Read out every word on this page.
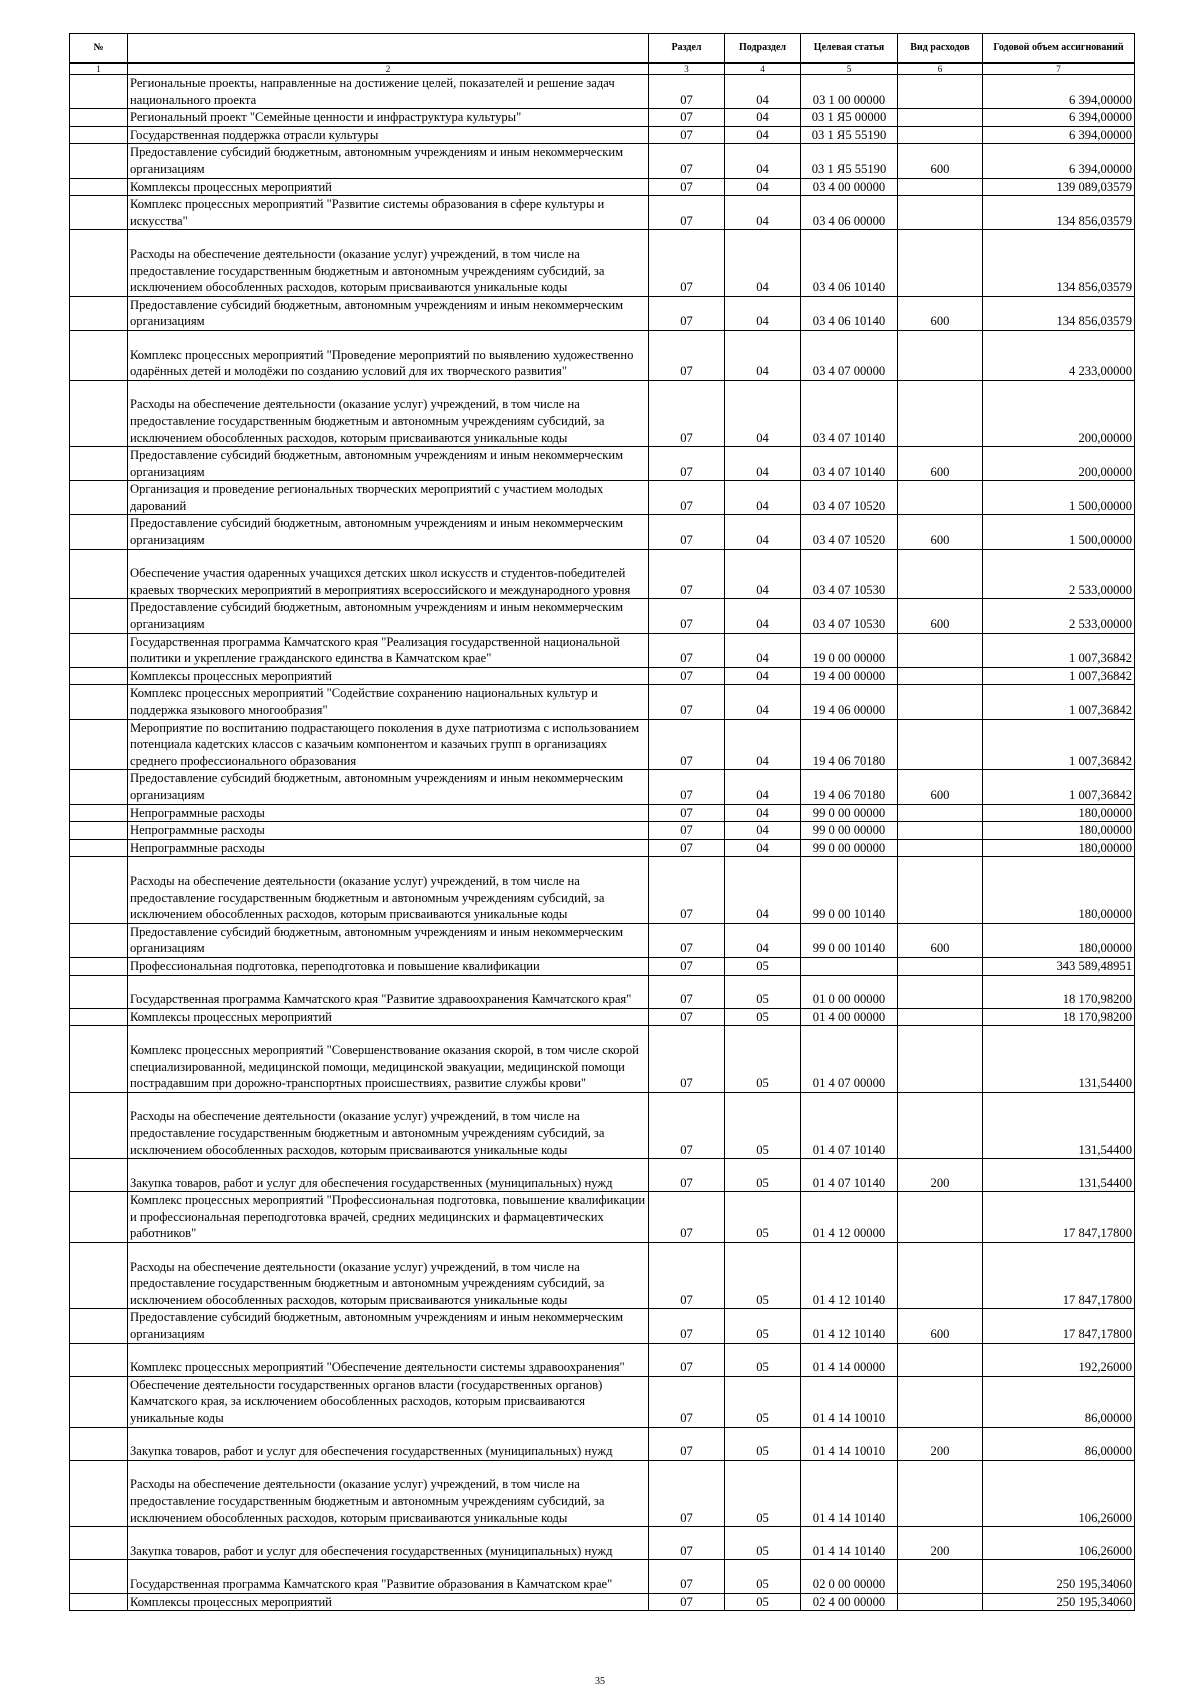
№		Раздел	Подраздел	Целевая статья	Вид расходов	Годовой объем ассигнований
1	2	3	4	5	6	7
	Региональные проекты, направленные на достижение целей, показателей и решение задач национального проекта	07	04	03 1 00 00000		6 394,00000
	Региональный проект "Семейные ценности и инфраструктура культуры"	07	04	03 1 Я5 00000		6 394,00000
	Государственная поддержка отрасли культуры	07	04	03 1 Я5 55190		6 394,00000
	Предоставление субсидий бюджетным, автономным учреждениям и иным некоммерческим организациям	07	04	03 1 Я5 55190	600	6 394,00000
	Комплексы процессных мероприятий	07	04	03 4 00 00000		139 089,03579
	Комплекс процессных мероприятий "Развитие системы образования в сфере культуры и искусства"	07	04	03 4 06 00000		134 856,03579
	Расходы на обеспечение деятельности (оказание услуг) учреждений, в том числе на предоставление государственным бюджетным и автономным учреждениям субсидий, за исключением обособленных расходов, которым присваиваются уникальные коды	07	04	03 4 06 10140		134 856,03579
	Предоставление субсидий бюджетным, автономным учреждениям и иным некоммерческим организациям	07	04	03 4 06 10140	600	134 856,03579
	Комплекс процессных мероприятий "Проведение мероприятий по выявлению художественно одарённых детей и молодёжи по созданию условий для их творческого развития"	07	04	03 4 07 00000		4 233,00000
	Расходы на обеспечение деятельности (оказание услуг) учреждений, в том числе на предоставление государственным бюджетным и автономным учреждениям субсидий, за исключением обособленных расходов, которым присваиваются уникальные коды	07	04	03 4 07 10140		200,00000
	Предоставление субсидий бюджетным, автономным учреждениям и иным некоммерческим организациям	07	04	03 4 07 10140	600	200,00000
	Организация и проведение региональных творческих мероприятий с участием молодых дарований	07	04	03 4 07 10520		1 500,00000
	Предоставление субсидий бюджетным, автономным учреждениям и иным некоммерческим организациям	07	04	03 4 07 10520	600	1 500,00000
	Обеспечение участия одаренных учащихся детских школ искусств и студентов-победителей краевых творческих мероприятий в мероприятиях всероссийского и международного уровня	07	04	03 4 07 10530		2 533,00000
	Предоставление субсидий бюджетным, автономным учреждениям и иным некоммерческим организациям	07	04	03 4 07 10530	600	2 533,00000
	Государственная программа Камчатского края "Реализация государственной национальной политики и укрепление гражданского единства в Камчатском крае"	07	04	19 0 00 00000		1 007,36842
	Комплексы процессных мероприятий	07	04	19 4 00 00000		1 007,36842
	Комплекс процессных мероприятий "Содействие сохранению национальных культур и поддержка языкового многообразия"	07	04	19 4 06 00000		1 007,36842
	Мероприятие по воспитанию подрастающего поколения в духе патриотизма с использованием потенциала кадетских классов с казачьим компонентом и казачьих групп в организациях среднего профессионального образования	07	04	19 4 06 70180		1 007,36842
	Предоставление субсидий бюджетным, автономным учреждениям и иным некоммерческим организациям	07	04	19 4 06 70180	600	1 007,36842
	Непрограммные расходы	07	04	99 0 00 00000		180,00000
	Непрограммные расходы	07	04	99 0 00 00000		180,00000
	Непрограммные расходы	07	04	99 0 00 00000		180,00000
	Расходы на обеспечение деятельности (оказание услуг) учреждений, в том числе на предоставление государственным бюджетным и автономным учреждениям субсидий, за исключением обособленных расходов, которым присваиваются уникальные коды	07	04	99 0 00 10140		180,00000
	Предоставление субсидий бюджетным, автономным учреждениям и иным некоммерческим организациям	07	04	99 0 00 10140	600	180,00000
	Профессиональная подготовка, переподготовка и повышение квалификации	07	05			343 589,48951
	Государственная программа Камчатского края "Развитие здравоохранения Камчатского края"	07	05	01 0 00 00000		18 170,98200
	Комплексы процессных мероприятий	07	05	01 4 00 00000		18 170,98200
	Комплекс процессных мероприятий "Совершенствование оказания скорой, в том числе скорой специализированной, медицинской помощи, медицинской эвакуации, медицинской помощи пострадавшим при дорожно-транспортных происшествиях, развитие службы крови"	07	05	01 4 07 00000		131,54400
	Расходы на обеспечение деятельности (оказание услуг) учреждений, в том числе на предоставление государственным бюджетным и автономным учреждениям субсидий, за исключением обособленных расходов, которым присваиваются уникальные коды	07	05	01 4 07 10140		131,54400
	Закупка товаров, работ и услуг для обеспечения государственных (муниципальных) нужд	07	05	01 4 07 10140	200	131,54400
	Комплекс процессных мероприятий "Профессиональная подготовка, повышение квалификации и профессиональная переподготовка врачей, средних медицинских и фармацевтических работников"	07	05	01 4 12 00000		17 847,17800
	Расходы на обеспечение деятельности (оказание услуг) учреждений, в том числе на предоставление государственным бюджетным и автономным учреждениям субсидий, за исключением обособленных расходов, которым присваиваются уникальные коды	07	05	01 4 12 10140		17 847,17800
	Предоставление субсидий бюджетным, автономным учреждениям и иным некоммерческим организациям	07	05	01 4 12 10140	600	17 847,17800
	Комплекс процессных мероприятий "Обеспечение деятельности системы здравоохранения"	07	05	01 4 14 00000		192,26000
	Обеспечение деятельности государственных органов власти (государственных органов) Камчатского края, за исключением обособленных расходов, которым присваиваются уникальные коды	07	05	01 4 14 10010		86,00000
	Закупка товаров, работ и услуг для обеспечения государственных (муниципальных) нужд	07	05	01 4 14 10010	200	86,00000
	Расходы на обеспечение деятельности (оказание услуг) учреждений, в том числе на предоставление государственным бюджетным и автономным учреждениям субсидий, за исключением обособленных расходов, которым присваиваются уникальные коды	07	05	01 4 14 10140		106,26000
	Закупка товаров, работ и услуг для обеспечения государственных (муниципальных) нужд	07	05	01 4 14 10140	200	106,26000
	Государственная программа Камчатского края "Развитие образования в Камчатском крае"	07	05	02 0 00 00000		250 195,34060
	Комплексы процессных мероприятий	07	05	02 4 00 00000		250 195,34060
35
